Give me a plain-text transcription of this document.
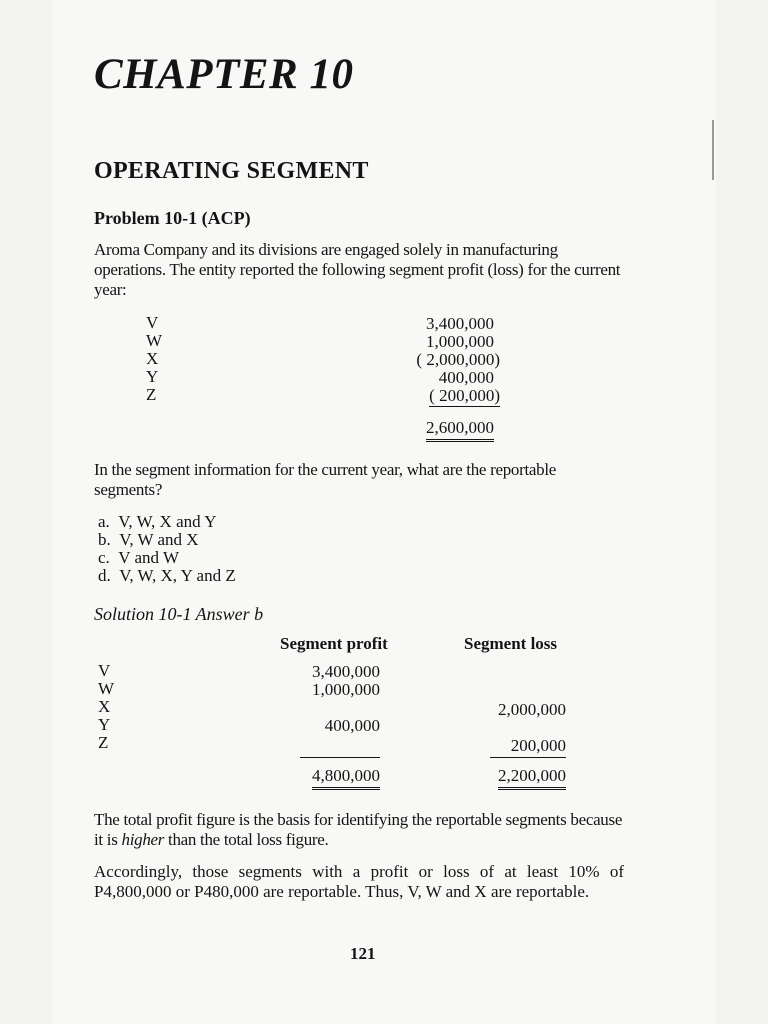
CHAPTER 10
OPERATING SEGMENT
Problem 10-1 (ACP)
Aroma Company and its divisions are engaged solely in manufacturing operations. The entity reported the following segment profit (loss) for the current year:
V
W
X
Y
Z
3,400,000
1,000,000
( 2,000,000)
400,000
( 200,000)
2,600,000
In the segment information for the current year, what are the reportable segments?
a. V, W, X and Y
b. V, W and X
c. V and W
d. V, W, X, Y and Z
Solution 10-1 Answer b
Segment profit	Segment loss
V
W
X
Y
Z
3,400,000
1,000,000
400,000
2,000,000
200,000
4,800,000	2,200,000
The total profit figure is the basis for identifying the reportable segments because it is higher than the total loss figure.
Accordingly, those segments with a profit or loss of at least 10% of P4,800,000 or P480,000 are reportable. Thus, V, W and X are reportable.
121
